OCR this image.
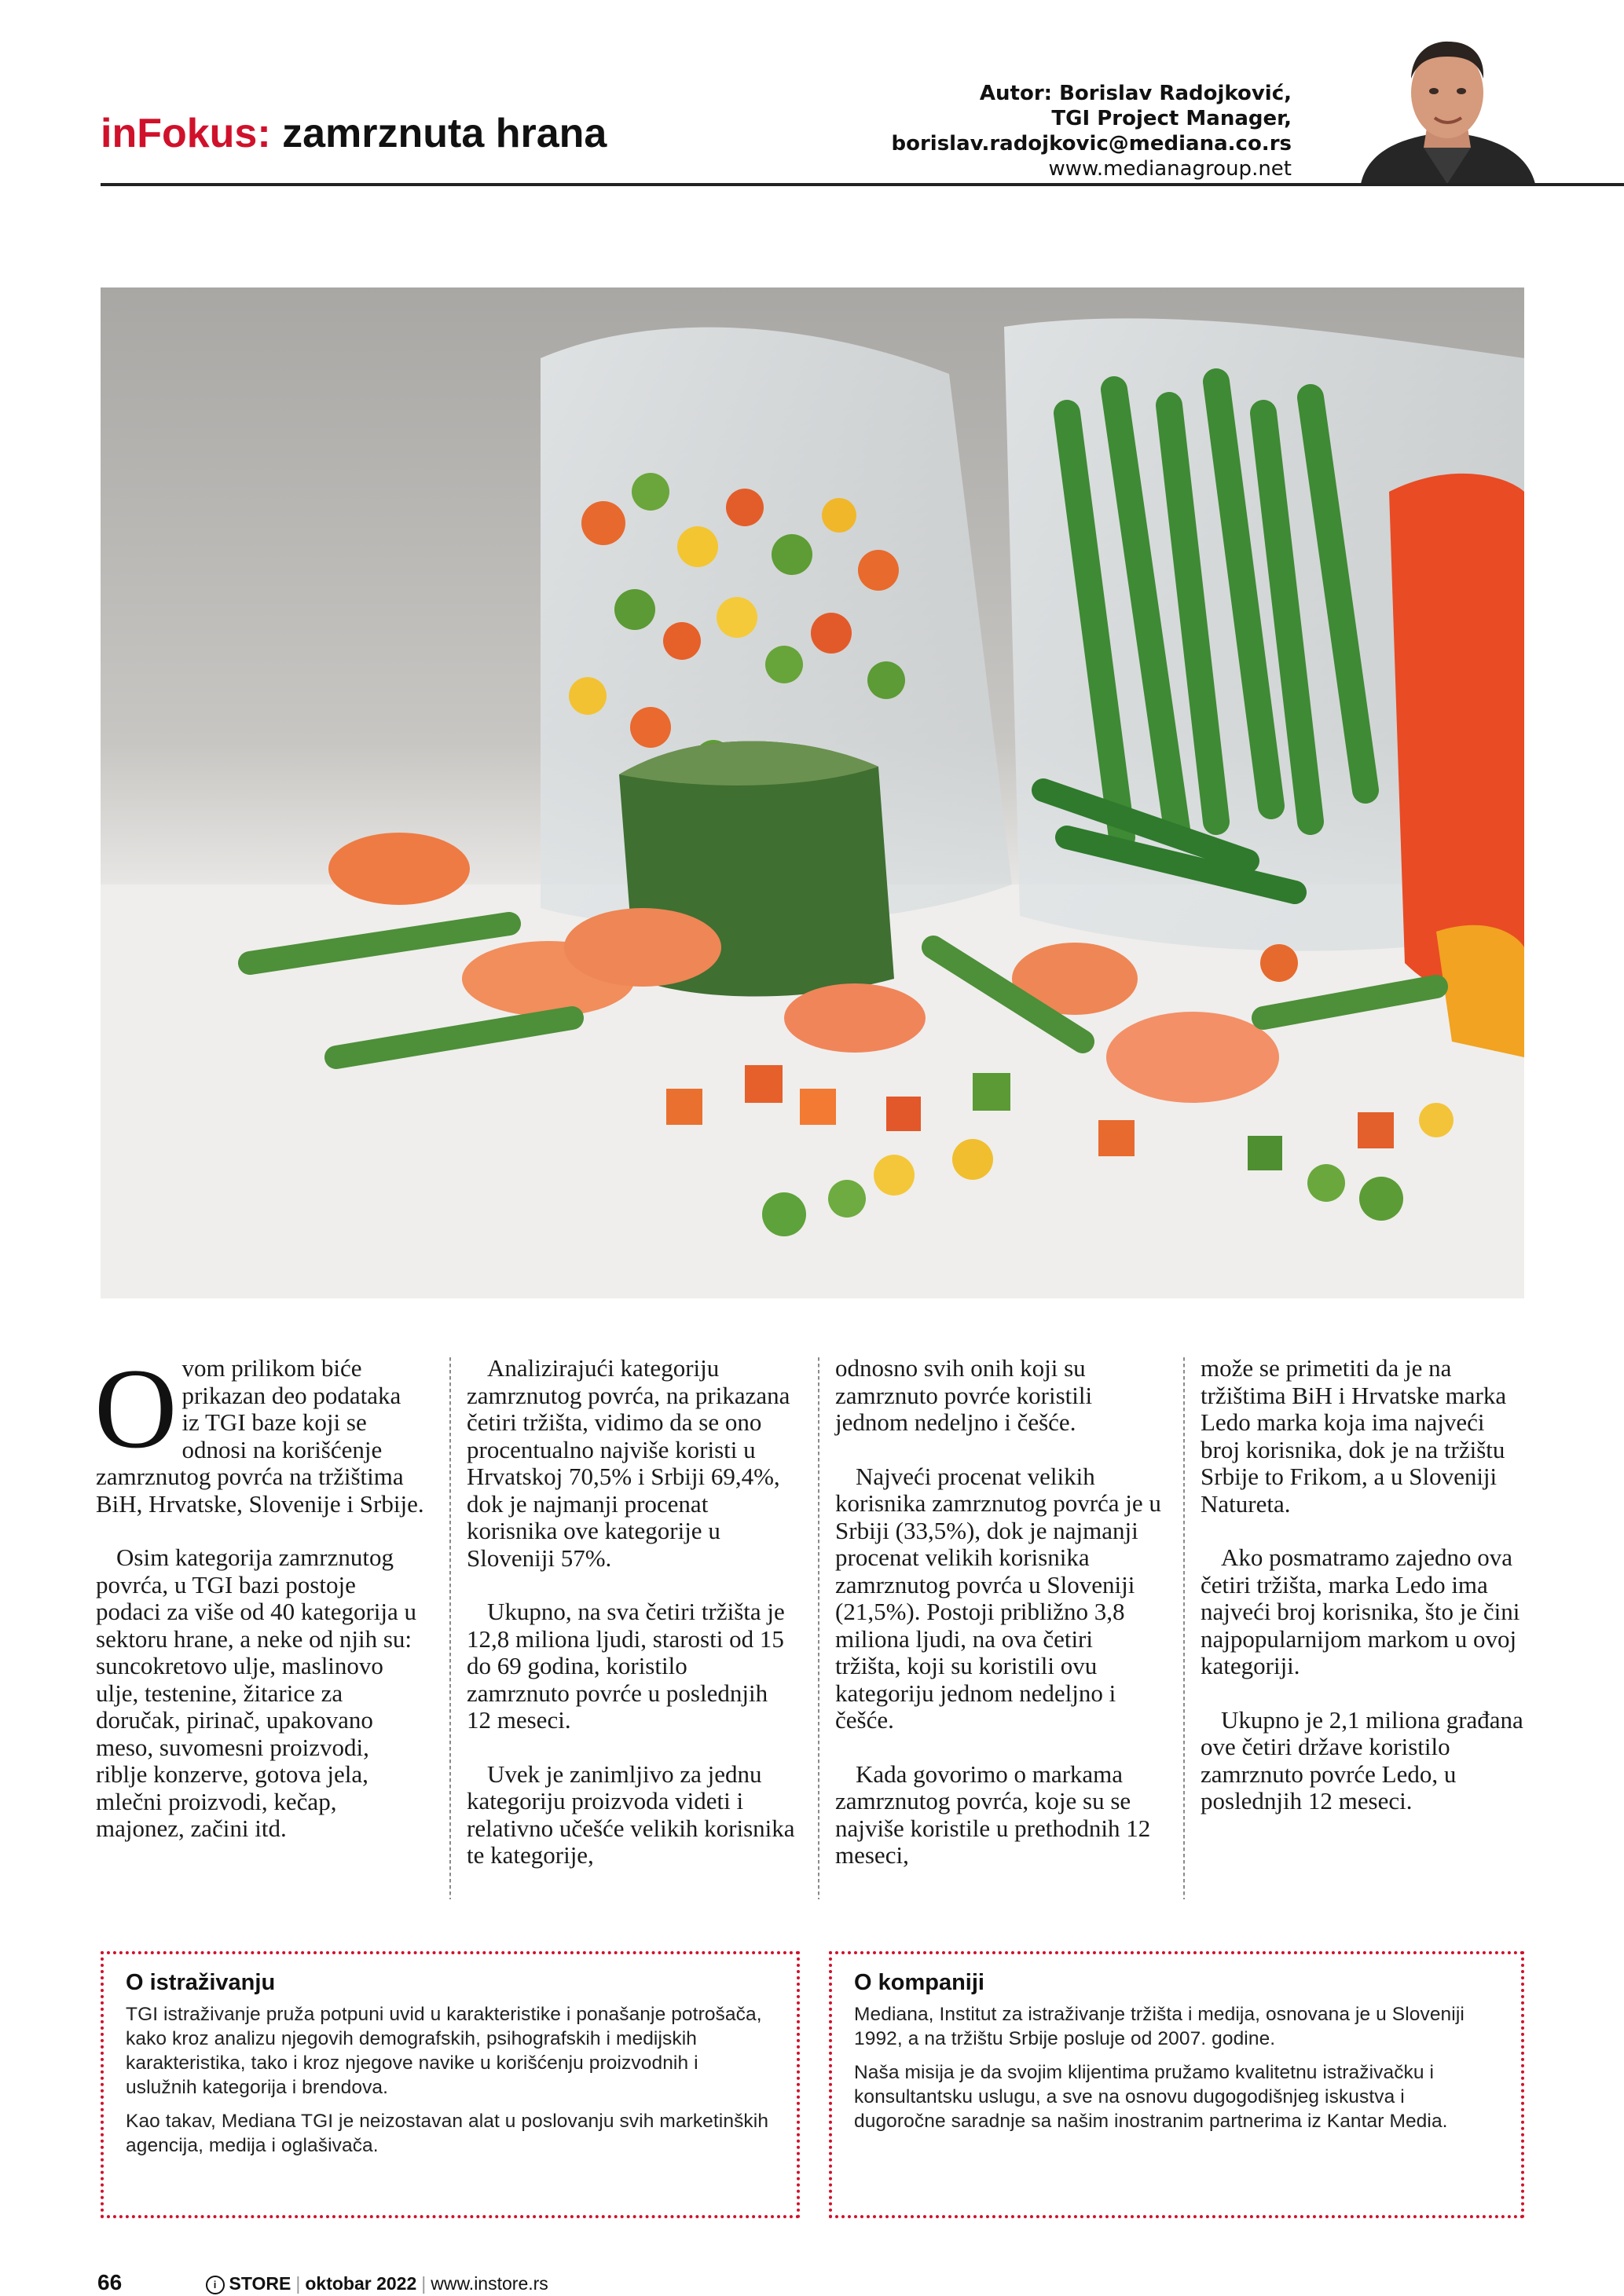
inFokus: zamrznuta hrana
Autor: Borislav Radojković,
TGI Project Manager,
borislav.radojkovic@mediana.co.rs
www.medianagroup.net

Ovom prilikom biće prikazan deo podataka iz TGI baze koji se odnosi na korišćenje zamrznutog povrća na tržištima BiH, Hrvatske, Slovenije i Srbije.

Osim kategorija zamrznutog povrća, u TGI bazi postoje podaci za više od 40 kategorija u sektoru hrane, a neke od njih su: suncokretovo ulje, maslinovo ulje, testenine, žitarice za doručak, pirinač, upakovano meso, suvomesni proizvodi, riblje konzerve, gotova jela, mlečni proizvodi, kečap, majonez, začini itd.

Analizirajući kategoriju zamrznutog povrća, na prikazana četiri tržišta, vidimo da se ono procentualno najviše koristi u Hrvatskoj 70,5% i Srbiji 69,4%, dok je najmanji procenat korisnika ove kategorije u Sloveniji 57%.

Ukupno, na sva četiri tržišta je 12,8 miliona ljudi, starosti od 15 do 69 godina, koristilo zamrznuto povrće u poslednjih 12 meseci.

Uvek je zanimljivo za jednu kategoriju proizvoda videti i relativno učešće velikih korisnika te kategorije,

odnosno svih onih koji su zamrznuto povrće koristili jednom nedeljno i češće.

Najveći procenat velikih korisnika zamrznutog povrća je u Srbiji (33,5%), dok je najmanji procenat velikih korisnika zamrznutog povrća u Sloveniji (21,5%). Postoji približno 3,8 miliona ljudi, na ova četiri tržišta, koji su koristili ovu kategoriju jednom nedeljno i češće.

Kada govorimo o markama zamrznutog povrća, koje su se najviše koristile u prethodnih 12 meseci,

može se primetiti da je na tržištima BiH i Hrvatske marka Ledo marka koja ima najveći broj korisnika, dok je na tržištu Srbije to Frikom, a u Sloveniji Natureta.

Ako posmatramo zajedno ova četiri tržišta, marka Ledo ima najveći broj korisnika, što je čini najpopularnijom markom u ovoj kategoriji.

Ukupno je 2,1 miliona građana ove četiri države koristilo zamrznuto povrće Ledo, u poslednjih 12 meseci.

O istraživanju

TGI istraživanje pruža potpuni uvid u karakteristike i ponašanje potrošača, kako kroz analizu njegovih demografskih, psihografskih i medijskih karakteristika, tako i kroz njegove navike u korišćenju proizvodnih i uslužnih kategorija i brendova.

Kao takav, Mediana TGI je neizostavan alat u poslovanju svih marketinških agencija, medija i oglašivača.

O kompaniji

Mediana, Institut za istraživanje tržišta i medija, osnovana je u Sloveniji 1992, a na tržištu Srbije posluje od 2007. godine.

Naša misija je da svojim klijentima pružamo kvalitetnu istraživačku i konsultantsku uslugu, a sve na osnovu dugogodišnjeg iskustva i dugoročne saradnje sa našim inostranim partnerima iz Kantar Media.

66	i STORE | oktobar 2022 | www.instore.rs
